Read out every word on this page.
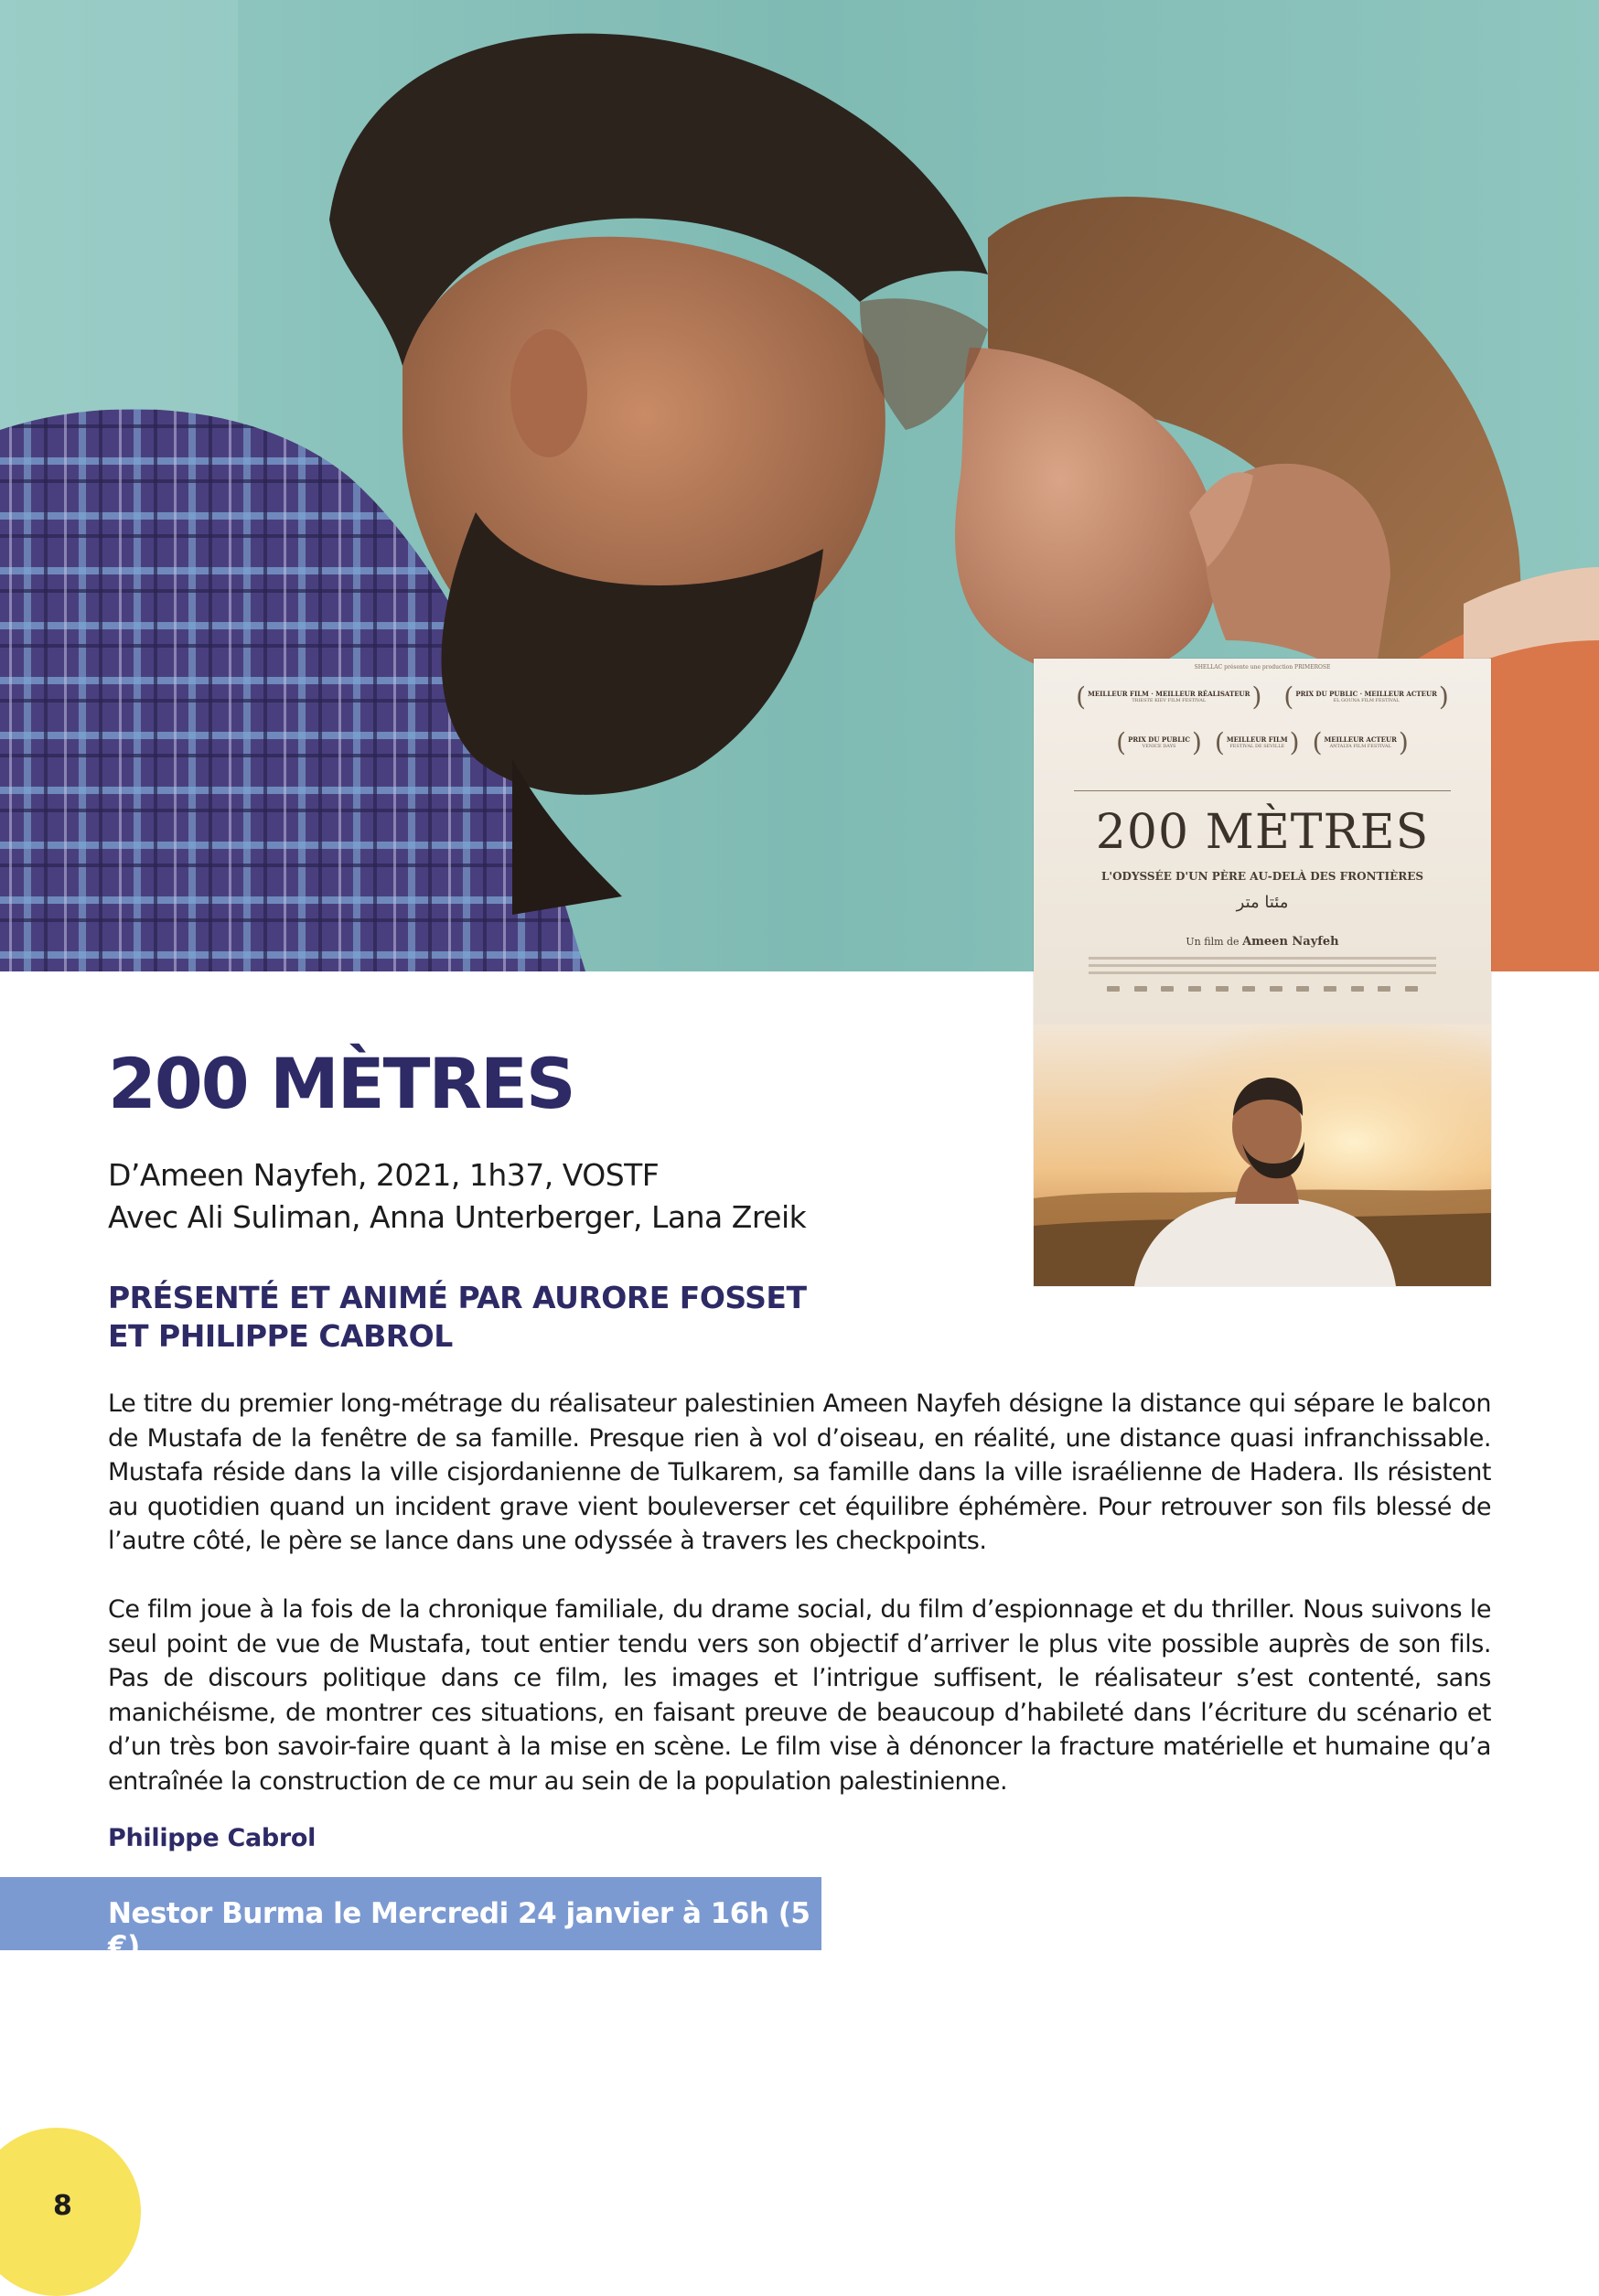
SHELLAC présente une production PRIMEROSE
( MEILLEUR FILM · MEILLEUR RÉALISATEUR
TRIESTE KIEV FILM FESTIVAL	) ( PRIX DU PUBLIC · MEILLEUR ACTEUR
EL GOUNA FILM FESTIVAL	)
( PRIX DU PUBLIC
VENICE DAYS ) ( MEILLEUR FILM
FESTIVAL DE SEVILLE ) ( MEILLEUR ACTEUR
ANTALYA FILM FESTIVAL )
200 MÈTRES
L'ODYSSÉE D'UN PÈRE AU-DELÀ DES FRONTIÈRES
مئتا متر
Un film de Ameen Nayfeh
200 MÈTRES
D’Ameen Nayfeh, 2021, 1h37, VOSTF
Avec Ali Suliman, Anna Unterberger, Lana Zreik
PRÉSENTÉ ET ANIMÉ PAR AURORE FOSSET
ET PHILIPPE CABROL

Le titre du premier long-métrage du réalisateur palestinien Ameen Nayfeh désigne la distance qui sépare le balcon de Mustafa de la fenêtre de sa famille. Presque rien à vol d’oiseau, en réalité, une distance quasi infranchissable. Mustafa réside dans la ville cisjordanienne de Tulkarem, sa famille dans la ville israélienne de Hadera. Ils résistent au quotidien quand un incident grave vient bouleverser cet équilibre éphémère. Pour retrouver son fils blessé de l’autre côté, le père se lance dans une odyssée à travers les checkpoints.

Ce film joue à la fois de la chronique familiale, du drame social, du film d’espionnage et du thriller. Nous suivons le seul point de vue de Mustafa, tout entier tendu vers son objectif d’arriver le plus vite possible auprès de son fils. Pas de discours politique dans ce film, les images et l’intrigue suffisent, le réalisateur s’est contenté, sans manichéisme, de montrer ces situations, en faisant preuve de beaucoup d’habileté dans l’écriture du scénario et d’un très bon savoir-faire quant à la mise en scène. Le film vise à dénoncer la fracture matérielle et humaine qu’a entraînée la construction de ce mur au sein de la population palestinienne.

Philippe Cabrol
Nestor Burma le Mercredi 24 janvier à 16h (5 €)
8
